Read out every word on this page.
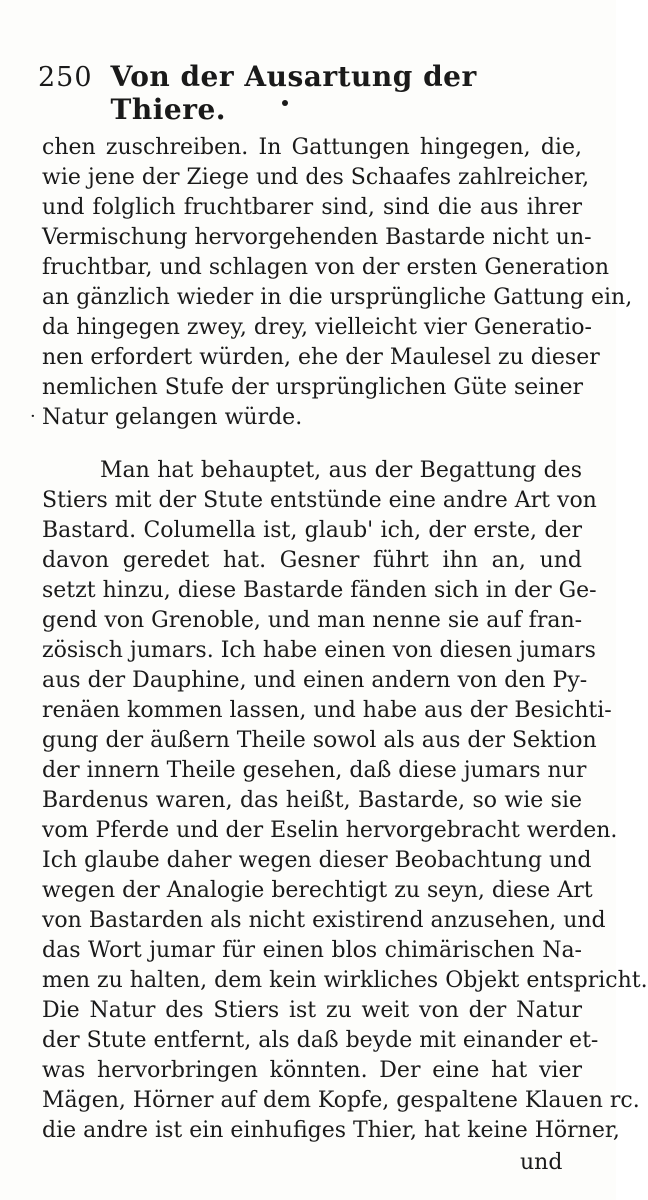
250 Von der Ausartung der Thiere.
chen zuschreiben. In Gattungen hingegen, die,
wie jene der Ziege und des Schaafes zahlreicher,
und folglich fruchtbarer sind, sind die aus ihrer
Vermischung hervorgehenden Bastarde nicht un-
fruchtbar, und schlagen von der ersten Generation
an gänzlich wieder in die ursprüngliche Gattung ein,
da hingegen zwey, drey, vielleicht vier Generatio-
nen erfordert würden, ehe der Maulesel zu dieser
nemlichen Stufe der ursprünglichen Güte seiner
Natur gelangen würde.
·
Man hat behauptet, aus der Begattung des
Stiers mit der Stute entstünde eine andre Art von
Bastard. Columella ist, glaub' ich, der erste, der
davon geredet hat. Gesner führt ihn an, und
setzt hinzu, diese Bastarde fänden sich in der Ge-
gend von Grenoble, und man nenne sie auf fran-
zösisch jumars. Ich habe einen von diesen jumars
aus der Dauphine, und einen andern von den Py-
renäen kommen lassen, und habe aus der Besichti-
gung der äußern Theile sowol als aus der Sektion
der innern Theile gesehen, daß diese jumars nur
Bardenus waren, das heißt, Bastarde, so wie sie
vom Pferde und der Eselin hervorgebracht werden.
Ich glaube daher wegen dieser Beobachtung und
wegen der Analogie berechtigt zu seyn, diese Art
von Bastarden als nicht existirend anzusehen, und
das Wort jumar für einen blos chimärischen Na-
men zu halten, dem kein wirkliches Objekt entspricht.
Die Natur des Stiers ist zu weit von der Natur
der Stute entfernt, als daß beyde mit einander et-
was hervorbringen könnten. Der eine hat vier
Mägen, Hörner auf dem Kopfe, gespaltene Klauen rc.
die andre ist ein einhufiges Thier, hat keine Hörner,
und
